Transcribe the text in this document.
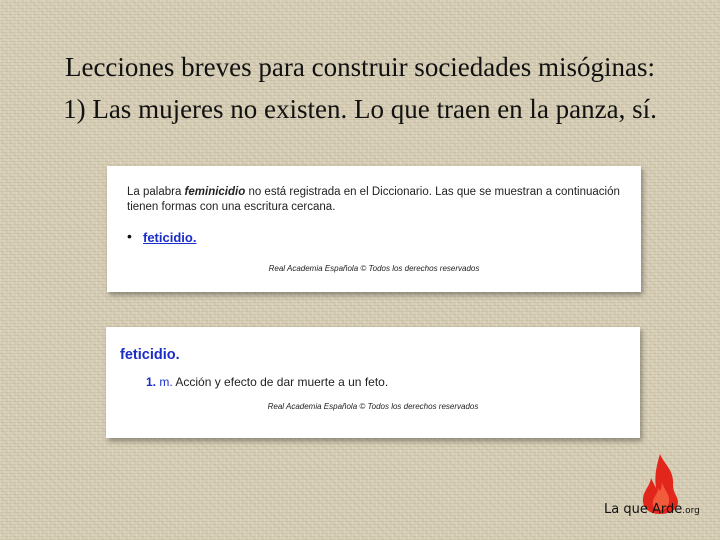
Lecciones breves para construir sociedades misóginas:
1) Las mujeres no existen. Lo que traen en la panza, sí.
La palabra feminicidio no está registrada en el Diccionario. Las que se muestran a continuación tienen formas con una escritura cercana.
• feticidio.
Real Academia Española © Todos los derechos reservados
feticidio.
1. m. Acción y efecto de dar muerte a un feto.
Real Academia Española © Todos los derechos reservados
La que Arde.org
